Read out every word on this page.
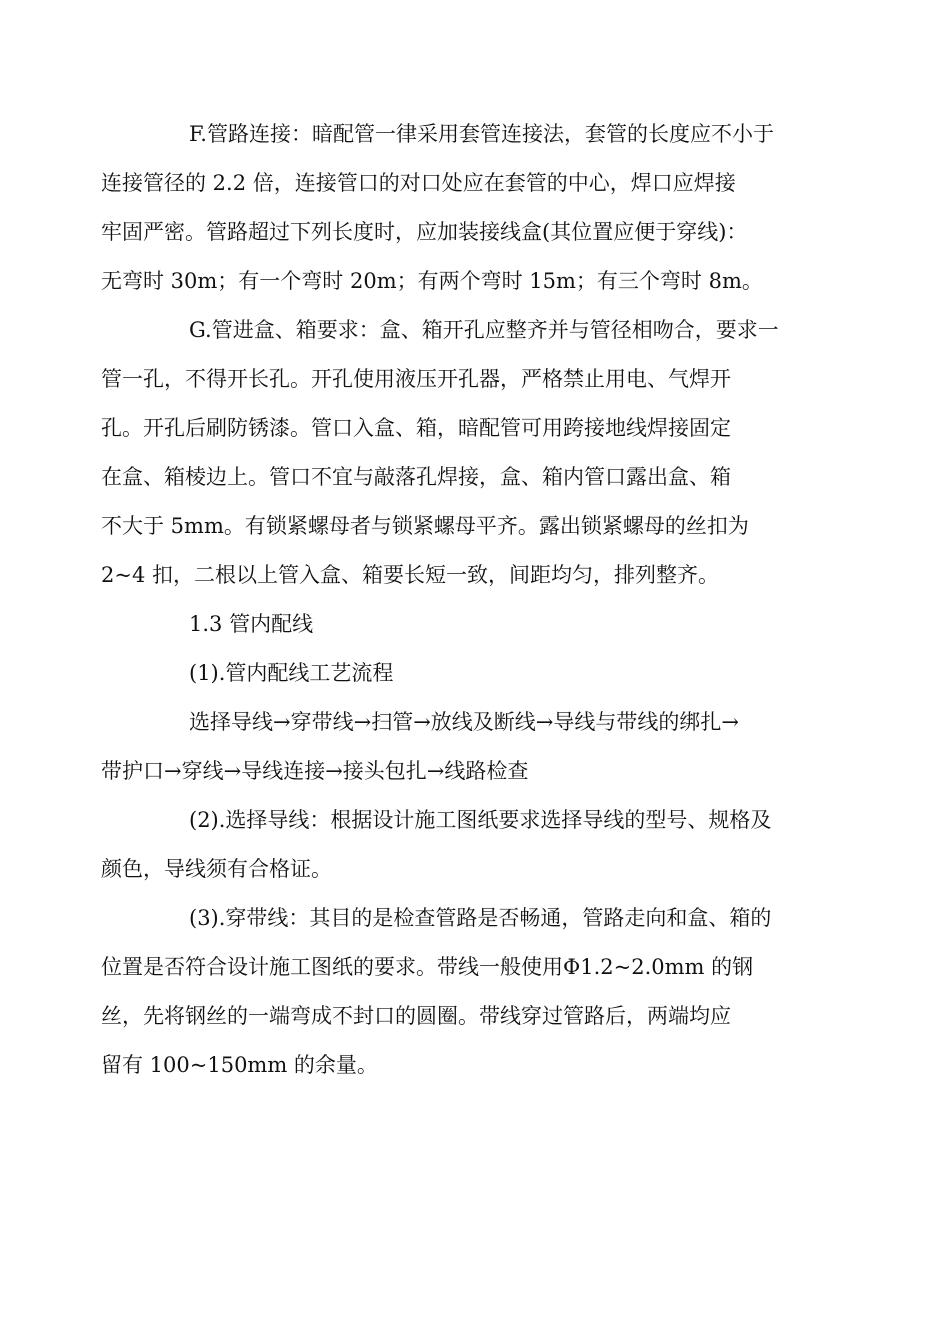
F.管路连接：暗配管一律采用套管连接法，套管的长度应不小于
连接管径的 2.2 倍，连接管口的对口处应在套管的中心，焊口应焊接
牢固严密。管路超过下列长度时，应加装接线盒(其位置应便于穿线)：
无弯时 30m；有一个弯时 20m；有两个弯时 15m；有三个弯时 8m。
G.管进盒、箱要求：盒、箱开孔应整齐并与管径相吻合，要求一
管一孔，不得开长孔。开孔使用液压开孔器，严格禁止用电、气焊开
孔。开孔后刷防锈漆。管口入盒、箱，暗配管可用跨接地线焊接固定
在盒、箱棱边上。管口不宜与敲落孔焊接，盒、箱内管口露出盒、箱
不大于 5mm。有锁紧螺母者与锁紧螺母平齐。露出锁紧螺母的丝扣为
2~4 扣，二根以上管入盒、箱要长短一致，间距均匀，排列整齐。
1.3 管内配线
(1).管内配线工艺流程
选择导线→穿带线→扫管→放线及断线→导线与带线的绑扎→
带护口→穿线→导线连接→接头包扎→线路检查
(2).选择导线：根据设计施工图纸要求选择导线的型号、规格及
颜色，导线须有合格证。
(3).穿带线：其目的是检查管路是否畅通，管路走向和盒、箱的
位置是否符合设计施工图纸的要求。带线一般使用Φ1.2~2.0mm 的钢
丝，先将钢丝的一端弯成不封口的圆圈。带线穿过管路后，两端均应
留有 100~150mm 的余量。
